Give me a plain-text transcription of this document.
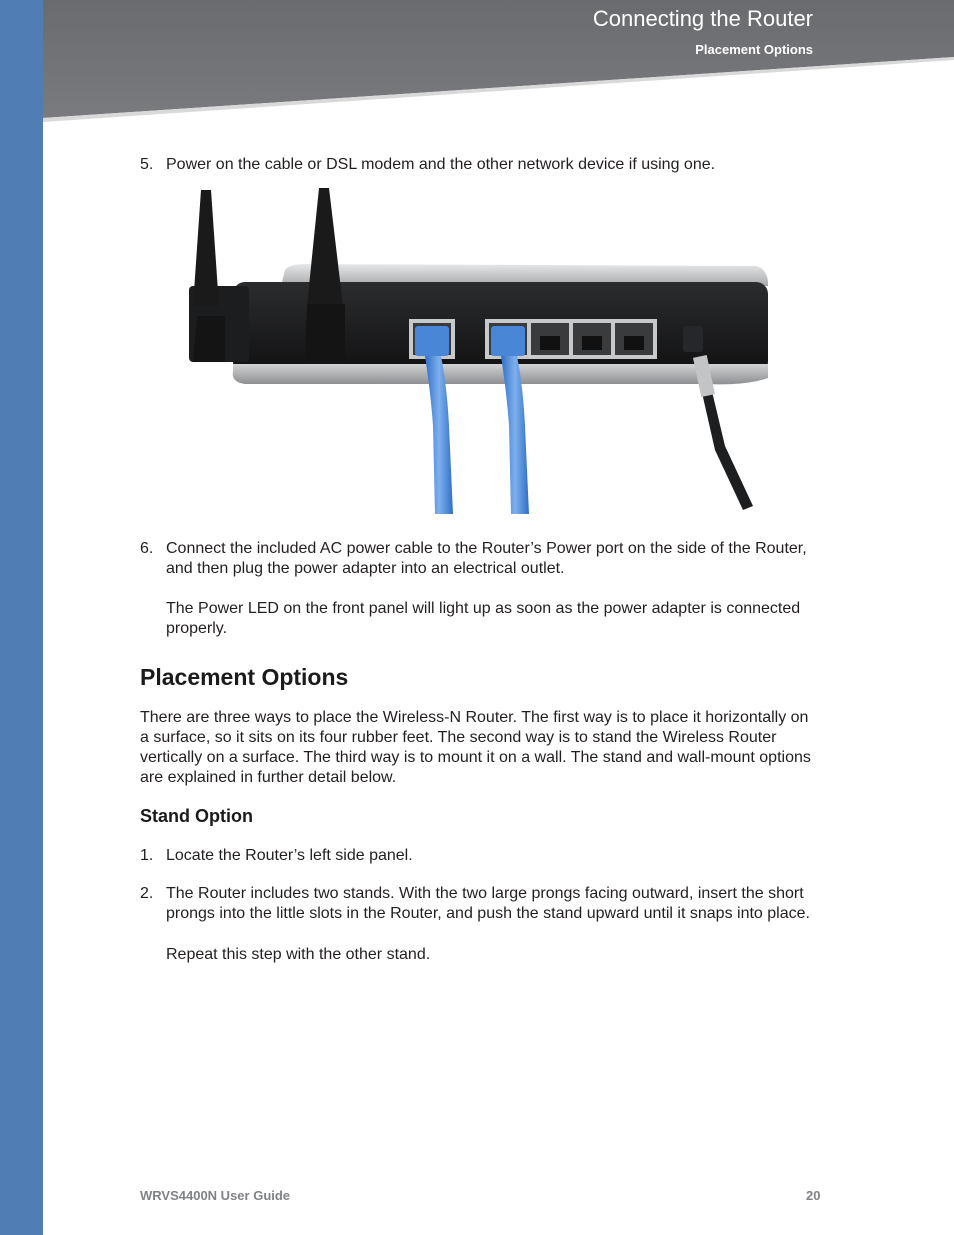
Connecting the Router
Placement Options
5. Power on the cable or DSL modem and the other network device if using one.
6. Connect the included AC power cable to the Router’s Power port on the side of the Router, and then plug the power adapter into an electrical outlet.
The Power LED on the front panel will light up as soon as the power adapter is connected properly.
Placement Options
There are three ways to place the Wireless-N Router. The first way is to place it horizontally on a surface, so it sits on its four rubber feet. The second way is to stand the Wireless Router vertically on a surface. The third way is to mount it on a wall. The stand and wall-mount options are explained in further detail below.
Stand Option
1. Locate the Router’s left side panel.
2. The Router includes two stands. With the two large prongs facing outward, insert the short prongs into the little slots in the Router, and push the stand upward until it snaps into place.
Repeat this step with the other stand.
WRVS4400N User Guide	20
